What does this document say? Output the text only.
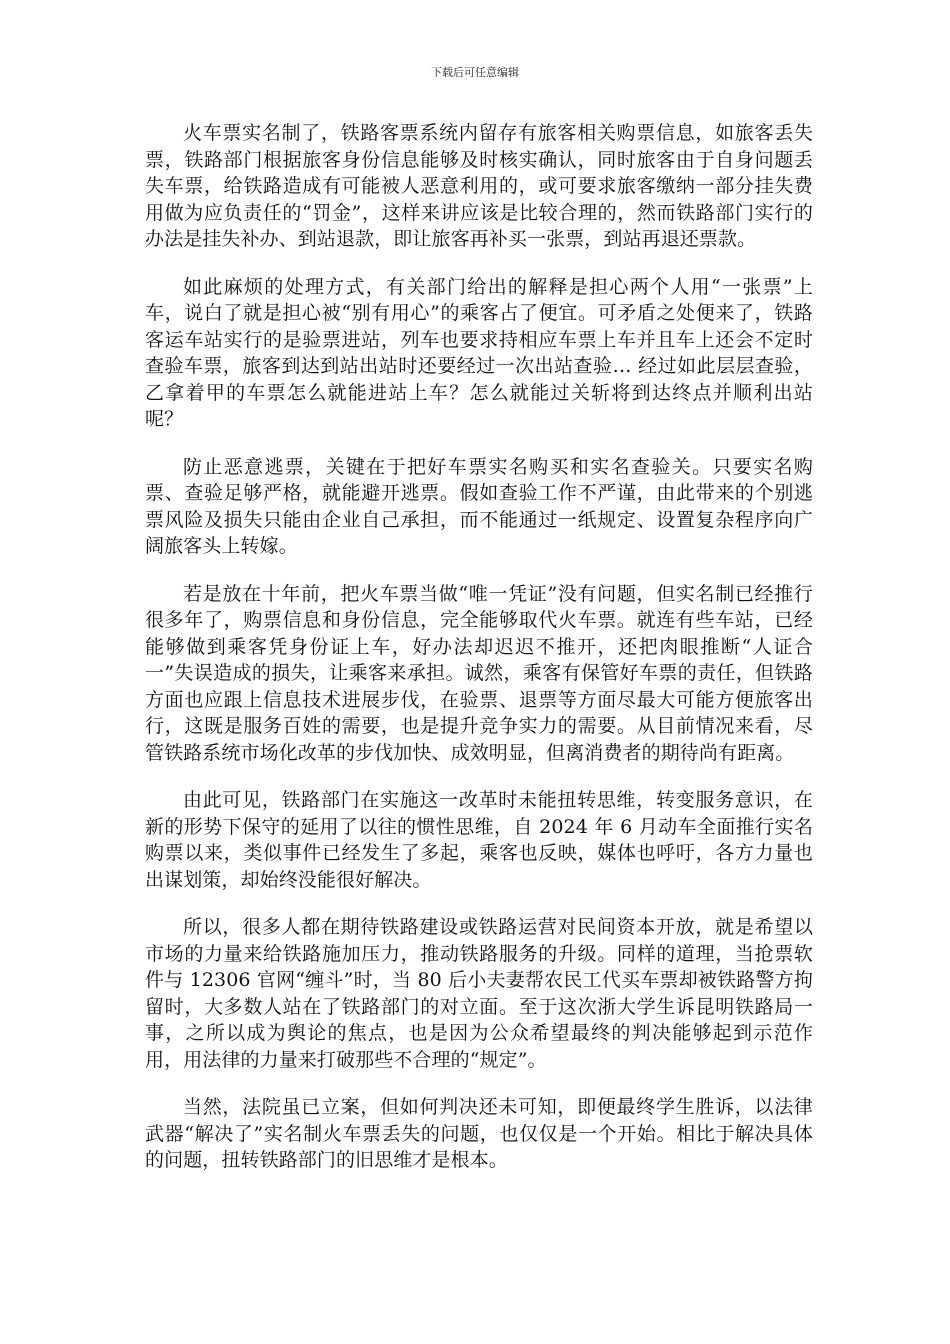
下载后可任意编辑

火车票实名制了，铁路客票系统内留存有旅客相关购票信息，如旅客丢失票，铁路部门根据旅客身份信息能够及时核实确认，同时旅客由于自身问题丢失车票，给铁路造成有可能被人恶意利用的，或可要求旅客缴纳一部分挂失费用做为应负责任的“罚金”，这样来讲应该是比较合理的，然而铁路部门实行的办法是挂失补办、到站退款，即让旅客再补买一张票，到站再退还票款。

如此麻烦的处理方式，有关部门给出的解释是担心两个人用“一张票”上车，说白了就是担心被“别有用心”的乘客占了便宜。可矛盾之处便来了，铁路客运车站实行的是验票进站，列车也要求持相应车票上车并且车上还会不定时查验车票，旅客到达到站出站时还要经过一次出站查验… 经过如此层层查验，乙拿着甲的车票怎么就能进站上车？怎么就能过关斩将到达终点并顺利出站呢？

防止恶意逃票，关键在于把好车票实名购买和实名查验关。只要实名购票、查验足够严格，就能避开逃票。假如查验工作不严谨，由此带来的个别逃票风险及损失只能由企业自己承担，而不能通过一纸规定、设置复杂程序向广阔旅客头上转嫁。

若是放在十年前，把火车票当做“唯一凭证”没有问题，但实名制已经推行很多年了，购票信息和身份信息，完全能够取代火车票。就连有些车站，已经能够做到乘客凭身份证上车，好办法却迟迟不推开，还把肉眼推断“人证合一”失误造成的损失，让乘客来承担。诚然，乘客有保管好车票的责任，但铁路方面也应跟上信息技术进展步伐，在验票、退票等方面尽最大可能方便旅客出行，这既是服务百姓的需要，也是提升竞争实力的需要。从目前情况来看，尽管铁路系统市场化改革的步伐加快、成效明显，但离消费者的期待尚有距离。

由此可见，铁路部门在实施这一改革时未能扭转思维，转变服务意识，在新的形势下保守的延用了以往的惯性思维，自 2024 年 6 月动车全面推行实名购票以来，类似事件已经发生了多起，乘客也反映，媒体也呼吁，各方力量也出谋划策，却始终没能很好解决。

所以，很多人都在期待铁路建设或铁路运营对民间资本开放，就是希望以市场的力量来给铁路施加压力，推动铁路服务的升级。同样的道理，当抢票软件与 12306 官网“缠斗”时，当 80 后小夫妻帮农民工代买车票却被铁路警方拘留时，大多数人站在了铁路部门的对立面。至于这次浙大学生诉昆明铁路局一事，之所以成为舆论的焦点，也是因为公众希望最终的判决能够起到示范作用，用法律的力量来打破那些不合理的“规定”。

当然，法院虽已立案，但如何判决还未可知，即便最终学生胜诉，以法律武器“解决了”实名制火车票丢失的问题，也仅仅是一个开始。相比于解决具体的问题，扭转铁路部门的旧思维才是根本。
